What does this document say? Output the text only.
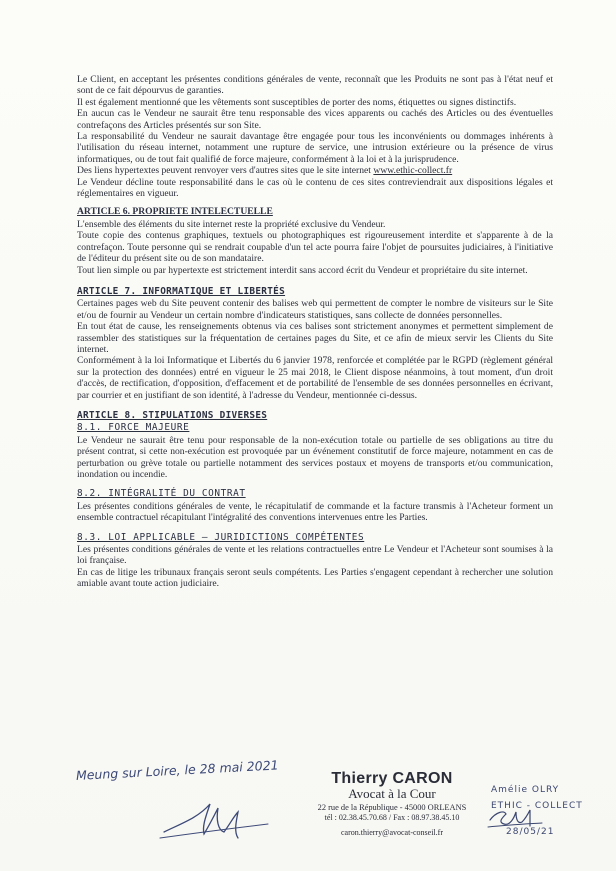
Le Client, en acceptant les présentes conditions générales de vente, reconnaît que les Produits ne sont pas à l'état neuf et sont de ce fait dépourvus de garanties.

Il est également mentionné que les vêtements sont susceptibles de porter des noms, étiquettes ou signes distinctifs.

En aucun cas le Vendeur ne saurait être tenu responsable des vices apparents ou cachés des Articles ou des éventuelles contrefaçons des Articles présentés sur son Site.

La responsabilité du Vendeur ne saurait davantage être engagée pour tous les inconvénients ou dommages inhérents à l'utilisation du réseau internet, notamment une rupture de service, une intrusion extérieure ou la présence de virus informatiques, ou de tout fait qualifié de force majeure, conformément à la loi et à la jurisprudence.

Des liens hypertextes peuvent renvoyer vers d'autres sites que le site internet www.ethic-collect.fr

Le Vendeur décline toute responsabilité dans le cas où le contenu de ces sites contreviendrait aux dispositions légales et réglementaires en vigueur.

ARTICLE 6. PROPRIETE INTELECTUELLE

L'ensemble des éléments du site internet reste la propriété exclusive du Vendeur.

Toute copie des contenus graphiques, textuels ou photographiques est rigoureusement interdite et s'apparente à de la contrefaçon. Toute personne qui se rendrait coupable d'un tel acte pourra faire l'objet de poursuites judiciaires, à l'initiative de l'éditeur du présent site ou de son mandataire.

Tout lien simple ou par hypertexte est strictement interdit sans accord écrit du Vendeur et propriétaire du site internet.

ARTICLE 7. INFORMATIQUE ET LIBERTÉS

Certaines pages web du Site peuvent contenir des balises web qui permettent de compter le nombre de visiteurs sur le Site et/ou de fournir au Vendeur un certain nombre d'indicateurs statistiques, sans collecte de données personnelles.

En tout état de cause, les renseignements obtenus via ces balises sont strictement anonymes et permettent simplement de rassembler des statistiques sur la fréquentation de certaines pages du Site, et ce afin de mieux servir les Clients du Site internet.

Conformément à la loi Informatique et Libertés du 6 janvier 1978, renforcée et complétée par le RGPD (règlement général sur la protection des données) entré en vigueur le 25 mai 2018, le Client dispose néanmoins, à tout moment, d'un droit d'accès, de rectification, d'opposition, d'effacement et de portabilité de l'ensemble de ses données personnelles en écrivant, par courrier et en justifiant de son identité, à l'adresse du Vendeur, mentionnée ci-dessus.

ARTICLE 8. STIPULATIONS DIVERSES
8.1. FORCE MAJEURE

Le Vendeur ne saurait être tenu pour responsable de la non-exécution totale ou partielle de ses obligations au titre du présent contrat, si cette non-exécution est provoquée par un événement constitutif de force majeure, notamment en cas de perturbation ou grève totale ou partielle notamment des services postaux et moyens de transports et/ou communication, inondation ou incendie.

8.2. INTÉGRALITÉ DU CONTRAT

Les présentes conditions générales de vente, le récapitulatif de commande et la facture transmis à l'Acheteur forment un ensemble contractuel récapitulant l'intégralité des conventions intervenues entre les Parties.

8.3. LOI APPLICABLE – JURIDICTIONS COMPÉTENTES

Les présentes conditions générales de vente et les relations contractuelles entre Le Vendeur et l'Acheteur sont soumises à la loi française.

En cas de litige les tribunaux français seront seuls compétents. Les Parties s'engagent cependant à rechercher une solution amiable avant toute action judiciaire.

Meung sur Loire, le 28 mai 2021	Thierry CARON
Avocat à la Cour
22 rue de la République - 45000 ORLEANS
tél : 02.38.45.70.68 / Fax : 08.97.38.45.10
caron.thierry@avocat-conseil.fr
Amélie OLRY
ETHIC - COLLECT
28/05/21
